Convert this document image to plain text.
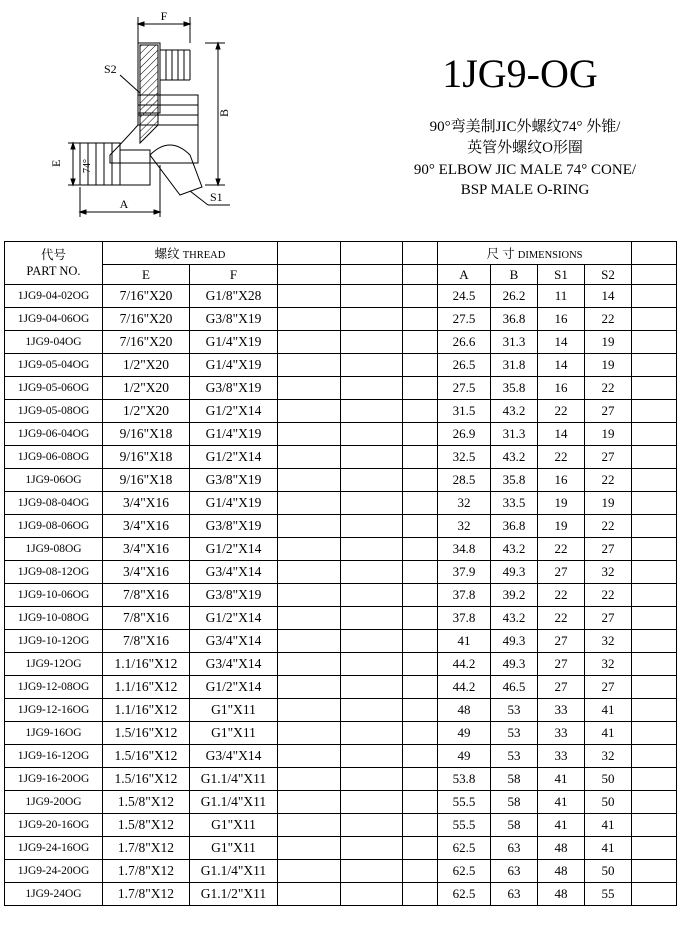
F
S2
B
E 74°
A	S1
1JG9-OG
90°弯美制JIC外螺纹74° 外锥/
英管外螺纹O形圈
90° ELBOW JIC MALE 74° CONE/
BSP MALE O-RING
代号
PART NO.	螺纹 THREAD					尺 寸 DIMENSIONS				
	E	F				A	B	S1	S2	
1JG9-04-02OG	7/16"X20	G1/8"X28				24.5	26.2	11	14	
1JG9-04-06OG	7/16"X20	G3/8"X19				27.5	36.8	16	22	
1JG9-04OG	7/16"X20	G1/4"X19				26.6	31.3	14	19	
1JG9-05-04OG	1/2"X20	G1/4"X19				26.5	31.8	14	19	
1JG9-05-06OG	1/2"X20	G3/8"X19				27.5	35.8	16	22	
1JG9-05-08OG	1/2"X20	G1/2"X14				31.5	43.2	22	27	
1JG9-06-04OG	9/16"X18	G1/4"X19				26.9	31.3	14	19	
1JG9-06-08OG	9/16"X18	G1/2"X14				32.5	43.2	22	27	
1JG9-06OG	9/16"X18	G3/8"X19				28.5	35.8	16	22	
1JG9-08-04OG	3/4"X16	G1/4"X19				32	33.5	19	19	
1JG9-08-06OG	3/4"X16	G3/8"X19				32	36.8	19	22	
1JG9-08OG	3/4"X16	G1/2"X14				34.8	43.2	22	27	
1JG9-08-12OG	3/4"X16	G3/4"X14				37.9	49.3	27	32	
1JG9-10-06OG	7/8"X16	G3/8"X19				37.8	39.2	22	22	
1JG9-10-08OG	7/8"X16	G1/2"X14				37.8	43.2	22	27	
1JG9-10-12OG	7/8"X16	G3/4"X14				41	49.3	27	32	
1JG9-12OG	1.1/16"X12	G3/4"X14				44.2	49.3	27	32	
1JG9-12-08OG	1.1/16"X12	G1/2"X14				44.2	46.5	27	27	
1JG9-12-16OG	1.1/16"X12	G1"X11				48	53	33	41	
1JG9-16OG	1.5/16"X12	G1"X11				49	53	33	41	
1JG9-16-12OG	1.5/16"X12	G3/4"X14				49	53	33	32	
1JG9-16-20OG	1.5/16"X12	G1.1/4"X11				53.8	58	41	50	
1JG9-20OG	1.5/8"X12	G1.1/4"X11				55.5	58	41	50	
1JG9-20-16OG	1.5/8"X12	G1"X11				55.5	58	41	41	
1JG9-24-16OG	1.7/8"X12	G1"X11				62.5	63	48	41	
1JG9-24-20OG	1.7/8"X12	G1.1/4"X11				62.5	63	48	50	
1JG9-24OG	1.7/8"X12	G1.1/2"X11				62.5	63	48	55	
